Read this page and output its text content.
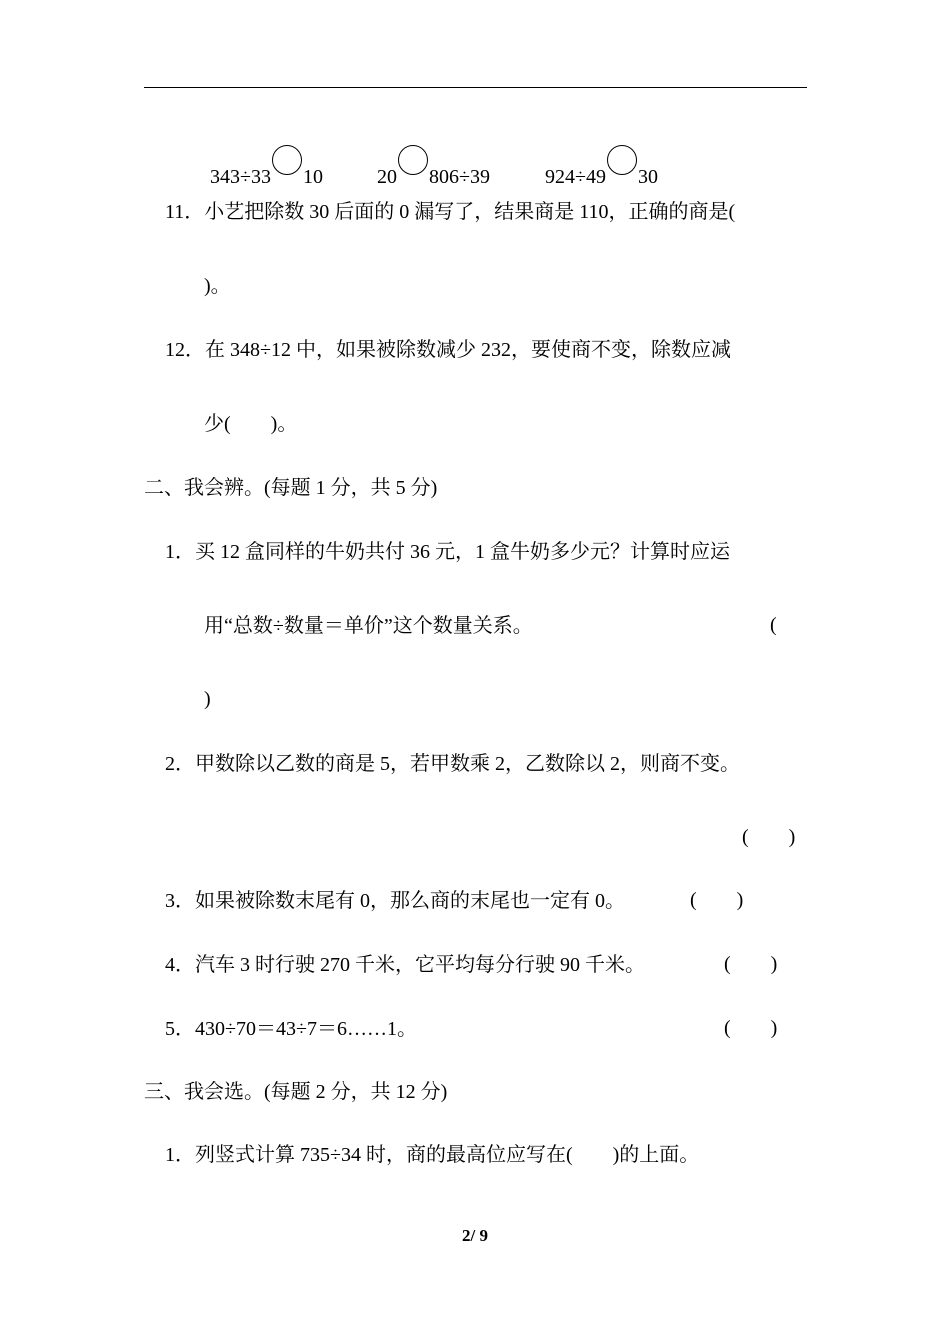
343÷33 10	20 806÷39	924÷49 30

11．小艺把除数 30 后面的 0 漏写了，结果商是 110，正确的商是(
)。
12．在 348÷12 中，如果被除数减少 232，要使商不变，除数应减
少(        )。
二、我会辨。(每题 1 分，共 5 分)
1．买 12 盒同样的牛奶共付 36 元，1 盒牛奶多少元？计算时应运
用“总数÷数量＝单价”这个数量关系。	(
)
2．甲数除以乙数的商是 5，若甲数乘 2，乙数除以 2，则商不变。
(        )
3．如果被除数末尾有 0，那么商的末尾也一定有 0。	(        )
4．汽车 3 时行驶 270 千米，它平均每分行驶 90 千米。	(        )
5．430÷70＝43÷7＝6……1。	(        )
三、我会选。(每题 2 分，共 12 分)
1．列竖式计算 735÷34 时，商的最高位应写在(        )的上面。
2/ 9
